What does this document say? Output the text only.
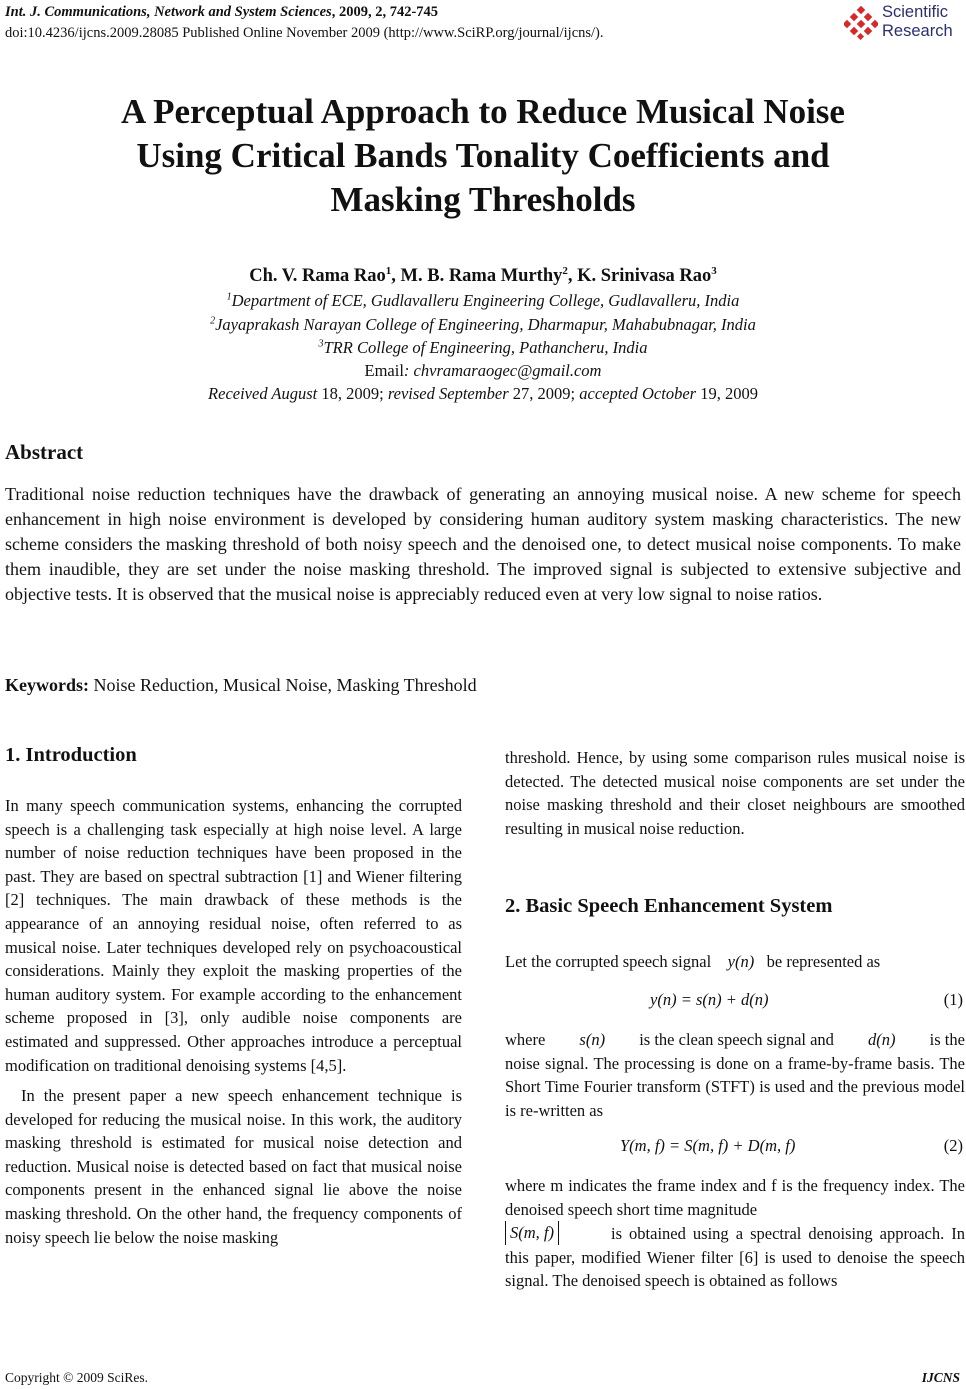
Int. J. Communications, Network and System Sciences, 2009, 2, 742-745
doi:10.4236/ijcns.2009.28085 Published Online November 2009 (http://www.SciRP.org/journal/ijcns/).
Scientific
Research
A Perceptual Approach to Reduce Musical Noise
Using Critical Bands Tonality Coefficients and
Masking Thresholds
Ch. V. Rama Rao$^1$, M. B. Rama Murthy$^2$, K. Srinivasa Rao$^3$
$^1$Department of ECE, Gudlavalleru Engineering College, Gudlavalleru, India
$^2$Jayaprakash Narayan College of Engineering, Dharmapur, Mahabubnagar, India
$^3$TRR College of Engineering, Pathancheru, India
Email: chvramaraogec@gmail.com
Received August 18, 2009; revised September 27, 2009; accepted October 19, 2009
Abstract
Traditional noise reduction techniques have the drawback of generating an annoying musical noise. A new scheme for speech enhancement in high noise environment is developed by considering human auditory system masking characteristics. The new scheme considers the masking threshold of both noisy speech and the denoised one, to detect musical noise components. To make them inaudible, they are set under the noise masking threshold. The improved signal is subjected to extensive subjective and objective tests. It is observed that the musical noise is appreciably reduced even at very low signal to noise ratios.
Keywords: Noise Reduction, Musical Noise, Masking Threshold
1. Introduction
In many speech communication systems, enhancing the corrupted speech is a challenging task especially at high noise level. A large number of noise reduction techniques have been proposed in the past. They are based on spectral subtraction [1] and Wiener filtering [2] techniques. The main drawback of these methods is the appearance of an annoying residual noise, often referred to as musical noise. Later techniques developed rely on psychoacoustical considerations. Mainly they exploit the masking properties of the human auditory system. For example according to the enhancement scheme proposed in [3], only audible noise components are estimated and suppressed. Other approaches introduce a perceptual modification on traditional denoising systems [4,5].
In the present paper a new speech enhancement technique is developed for reducing the musical noise. In this work, the auditory masking threshold is estimated for musical noise detection and reduction. Musical noise is detected based on fact that musical noise components present in the enhanced signal lie above the noise masking threshold. On the other hand, the frequency components of noisy speech lie below the noise masking
threshold. Hence, by using some comparison rules musical noise is detected. The detected musical noise components are set under the noise masking threshold and their closet neighbours are smoothed resulting in musical noise reduction.
2. Basic Speech Enhancement System
Let the corrupted speech signal y(n) be represented as
y(n) = s(n) + d(n)	(1)
where s(n) is the clean speech signal and d(n) is the
noise signal. The processing is done on a frame-by-frame basis. The Short Time Fourier transform (STFT) is used and the previous model is re-written as
Y(m, f) = S(m, f) + D(m, f)	(2)
where m indicates the frame index and f is the frequency index. The denoised speech short time magnitude
S(m, f)	is obtained using a spectral denoising approach. In this paper, modified Wiener filter [6] is used to denoise the speech signal. The denoised speech is obtained as follows
Copyright © 2009 SciRes.	IJCNS
